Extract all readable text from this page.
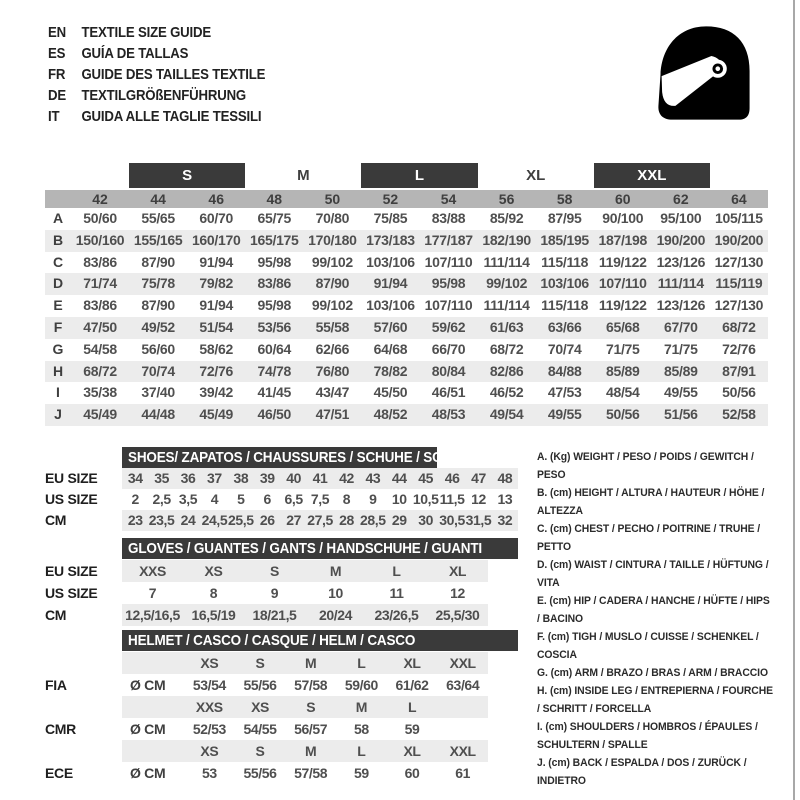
EN	TEXTILE SIZE GUIDE
ES	GUÍA DE TALLAS
FR	GUIDE DES TAILLES TEXTILE
DE	TEXTILGRÖßENFÜHRUNG
IT	GUIDA ALLE TAGLIE TESSILI
S	M	L	XL	XXL
42	44	46	48	50	52	54	56	58	60	62	64
A	50/60	55/65	60/70	65/75	70/80	75/85	83/88	85/92	87/95	90/100	95/100 105/115
B 150/160 155/165 160/170 165/175 170/180 173/183 177/187 182/190 185/195 187/198 190/200 190/200
C	83/86	87/90	91/94	95/98	99/102 103/106 107/110 111/114 115/118 119/122 123/126 127/130
D	71/74	75/78	79/82	83/86	87/90	91/94	95/98	99/102 103/106 107/110 111/114 115/119
E	83/86	87/90	91/94	95/98	99/102 103/106 107/110 111/114 115/118 119/122 123/126 127/130
F	47/50	49/52	51/54	53/56	55/58	57/60	59/62	61/63	63/66	65/68	67/70	68/72
G	54/58	56/60	58/62	60/64	62/66	64/68	66/70	68/72	70/74	71/75	71/75	72/76
H	68/72	70/74	72/76	74/78	76/80	78/82	80/84	82/86	84/88	85/89	85/89	87/91
I	35/38	37/40	39/42	41/45	43/47	45/50	46/51	46/52	47/53	48/54	49/55	50/56
J	45/49	44/48	45/49	46/50	47/51	48/52	48/53	49/54	49/55	50/56	51/56	52/58
SHOES/ ZAPATOS / CHAUSSURES / SCHUHE / SCARPE
EU SIZE	34 35 36 37 38 39 40 41 42 43 44 45 46 47 48
US SIZE	2 2,5 3,5 4	5	6 6,5 7,5 8	9	10 10,5 11,5 12 13
CM	23 23,5 24 24,5 25,5 26 27 27,5 28 28,5 29 30 30,5 31,5 32
GLOVES / GUANTES / GANTS / HANDSCHUHE / GUANTI
EU SIZE	XXS	XS	S	M	L	XL
US SIZE	7	8	9	10	11	12
CM	12,5/16,5 16,5/19	18/21,5	20/24	23/26,5	25,5/30
HELMET / CASCO / CASQUE / HELM / CASCO
XS	S	M	L	XL	XXL
FIA	Ø CM	53/54	55/56	57/58	59/60	61/62	63/64
XXS	XS	S	M	L
CMR	Ø CM	52/53	54/55	56/57	58	59
XS	S	M	L	XL	XXL
ECE	Ø CM	53	55/56	57/58	59	60	61
A. (Kg) WEIGHT / PESO / POIDS / GEWITCH / PESO
B. (cm) HEIGHT / ALTURA / HAUTEUR / HÖHE / ALTEZZA
C. (cm) CHEST / PECHO / POITRINE / TRUHE / PETTO
D. (cm) WAIST / CINTURA / TAILLE / HÜFTUNG / VITA
E. (cm) HIP / CADERA / HANCHE / HÜFTE / HIPS / BACINO
F. (cm) TIGH / MUSLO / CUISSE / SCHENKEL / COSCIA
G. (cm) ARM / BRAZO / BRAS / ARM / BRACCIO
H. (cm) INSIDE LEG / ENTREPIERNA / FOURCHE / SCHRITT / FORCELLA
I. (cm) SHOULDERS / HOMBROS / ÉPAULES / SCHULTERN / SPALLE
J. (cm) BACK / ESPALDA / DOS / ZURÜCK / INDIETRO
